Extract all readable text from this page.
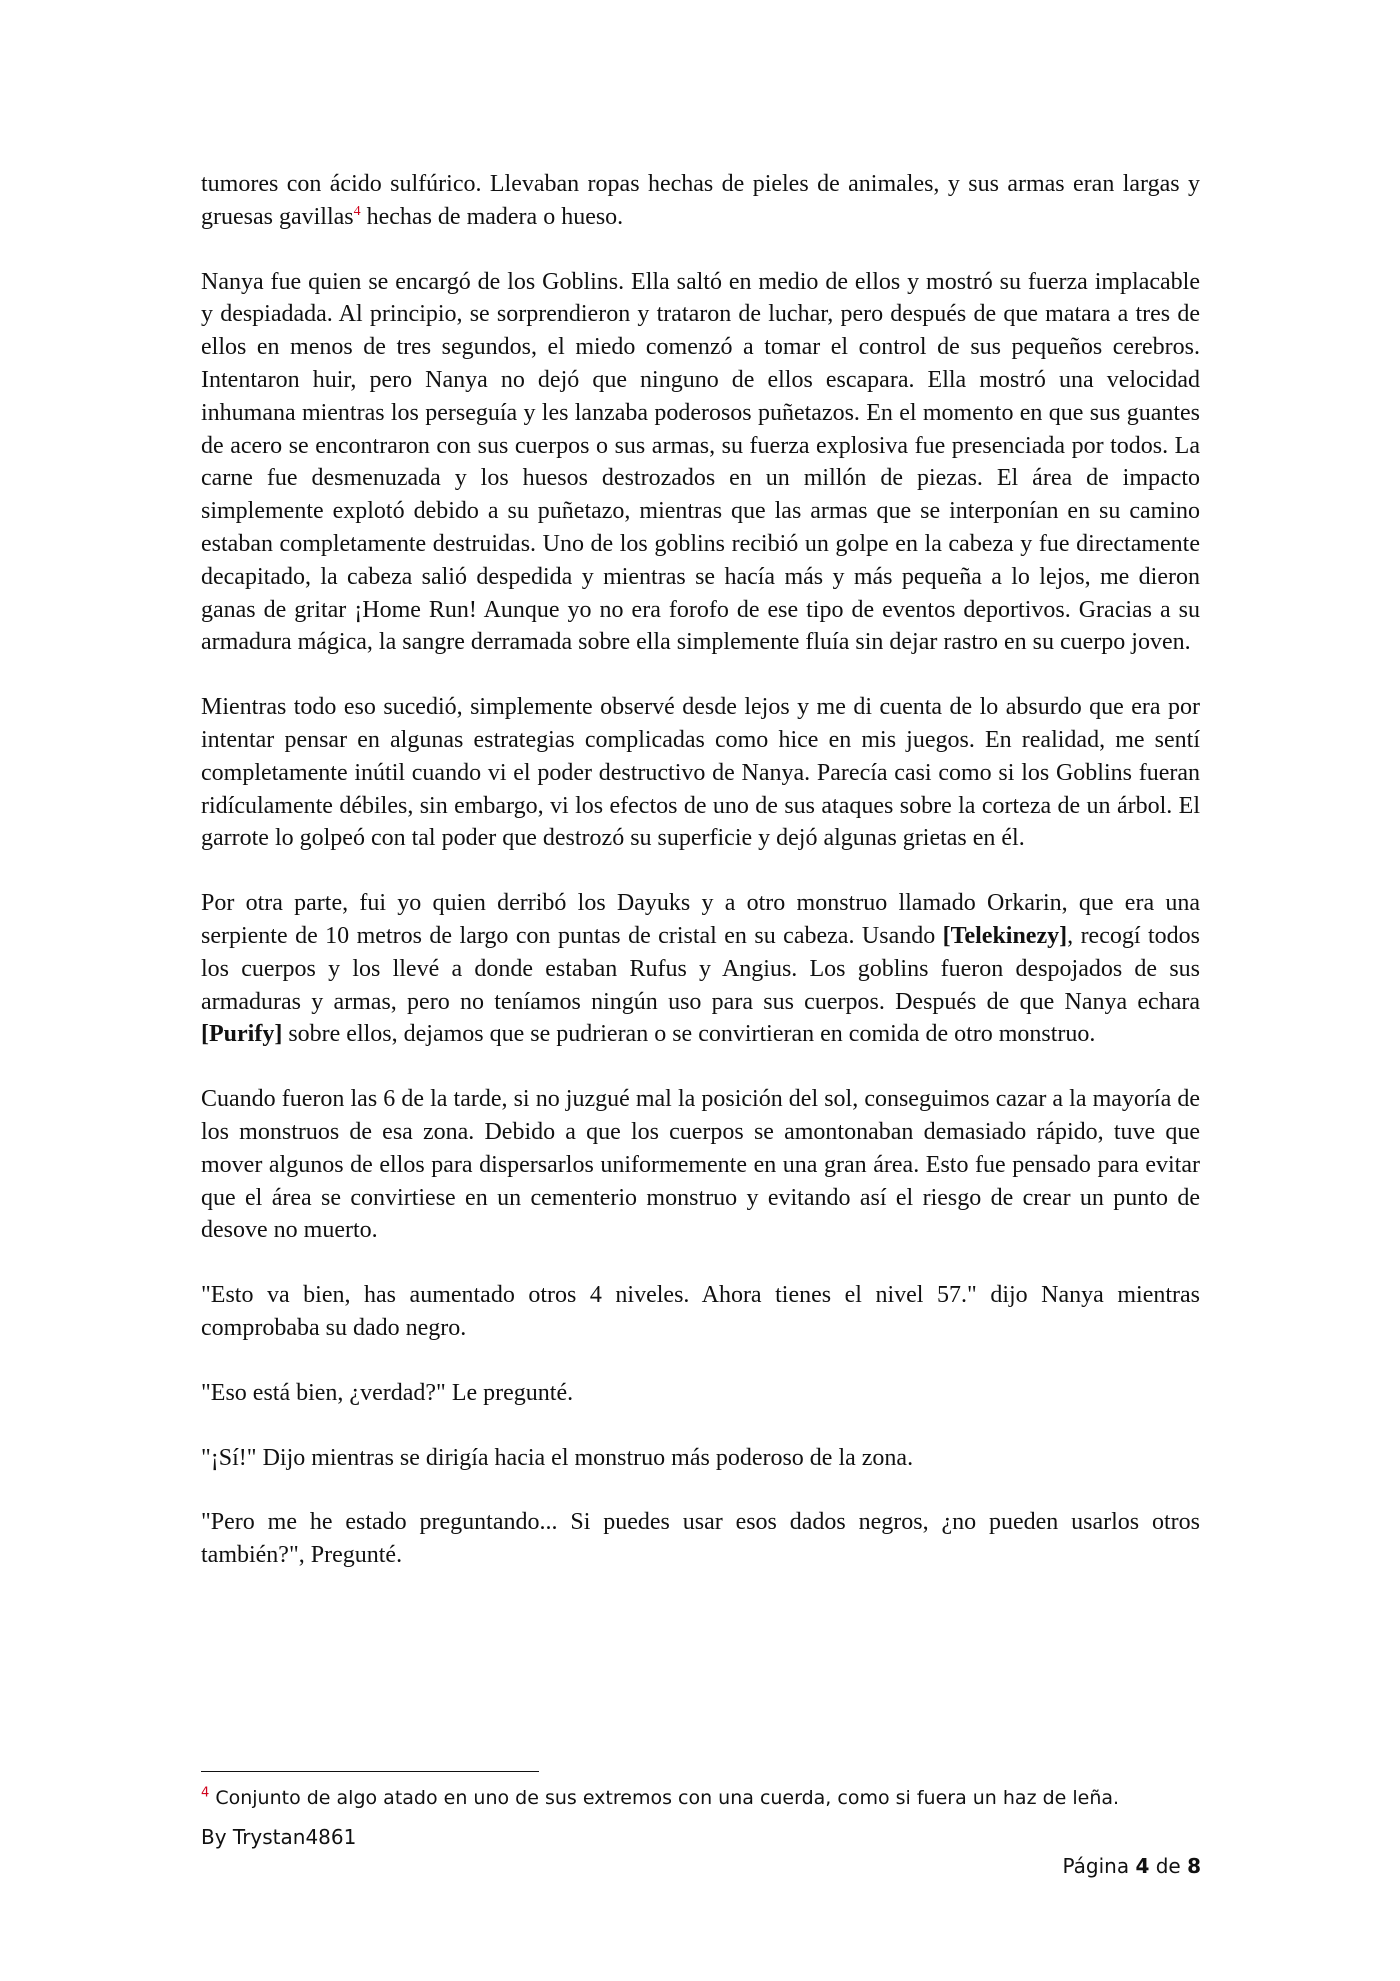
tumores con ácido sulfúrico. Llevaban ropas hechas de pieles de animales, y sus armas eran largas y gruesas gavillas$^4$ hechas de madera o hueso.

Nanya fue quien se encargó de los Goblins. Ella saltó en medio de ellos y mostró su fuerza implacable y despiadada. Al principio, se sorprendieron y trataron de luchar, pero después de que matara a tres de ellos en menos de tres segundos, el miedo comenzó a tomar el control de sus pequeños cerebros. Intentaron huir, pero Nanya no dejó que ninguno de ellos escapara. Ella mostró una velocidad inhumana mientras los perseguía y les lanzaba poderosos puñetazos. En el momento en que sus guantes de acero se encontraron con sus cuerpos o sus armas, su fuerza explosiva fue presenciada por todos. La carne fue desmenuzada y los huesos destrozados en un millón de piezas. El área de impacto simplemente explotó debido a su puñetazo, mientras que las armas que se interponían en su camino estaban completamente destruidas. Uno de los goblins recibió un golpe en la cabeza y fue directamente decapitado, la cabeza salió despedida y mientras se hacía más y más pequeña a lo lejos, me dieron ganas de gritar ¡Home Run! Aunque yo no era forofo de ese tipo de eventos deportivos. Gracias a su armadura mágica, la sangre derramada sobre ella simplemente fluía sin dejar rastro en su cuerpo joven.

Mientras todo eso sucedió, simplemente observé desde lejos y me di cuenta de lo absurdo que era por intentar pensar en algunas estrategias complicadas como hice en mis juegos. En realidad, me sentí completamente inútil cuando vi el poder destructivo de Nanya. Parecía casi como si los Goblins fueran ridículamente débiles, sin embargo, vi los efectos de uno de sus ataques sobre la corteza de un árbol. El garrote lo golpeó con tal poder que destrozó su superficie y dejó algunas grietas en él.

Por otra parte, fui yo quien derribó los Dayuks y a otro monstruo llamado Orkarin, que era una serpiente de 10 metros de largo con puntas de cristal en su cabeza. Usando [Telekinezy], recogí todos los cuerpos y los llevé a donde estaban Rufus y Angius. Los goblins fueron despojados de sus armaduras y armas, pero no teníamos ningún uso para sus cuerpos. Después de que Nanya echara [Purify] sobre ellos, dejamos que se pudrieran o se convirtieran en comida de otro monstruo.

Cuando fueron las 6 de la tarde, si no juzgué mal la posición del sol, conseguimos cazar a la mayoría de los monstruos de esa zona. Debido a que los cuerpos se amontonaban demasiado rápido, tuve que mover algunos de ellos para dispersarlos uniformemente en una gran área. Esto fue pensado para evitar que el área se convirtiese en un cementerio monstruo y evitando así el riesgo de crear un punto de desove no muerto.

"Esto va bien, has aumentado otros 4 niveles. Ahora tienes el nivel 57." dijo Nanya mientras comprobaba su dado negro.

"Eso está bien, ¿verdad?" Le pregunté.

"¡Sí!" Dijo mientras se dirigía hacia el monstruo más poderoso de la zona.

"Pero me he estado preguntando... Si puedes usar esos dados negros, ¿no pueden usarlos otros también?", Pregunté.

$^4$ Conjunto de algo atado en uno de sus extremos con una cuerda, como si fuera un haz de leña.
By Trystan4861
Página 4 de 8
